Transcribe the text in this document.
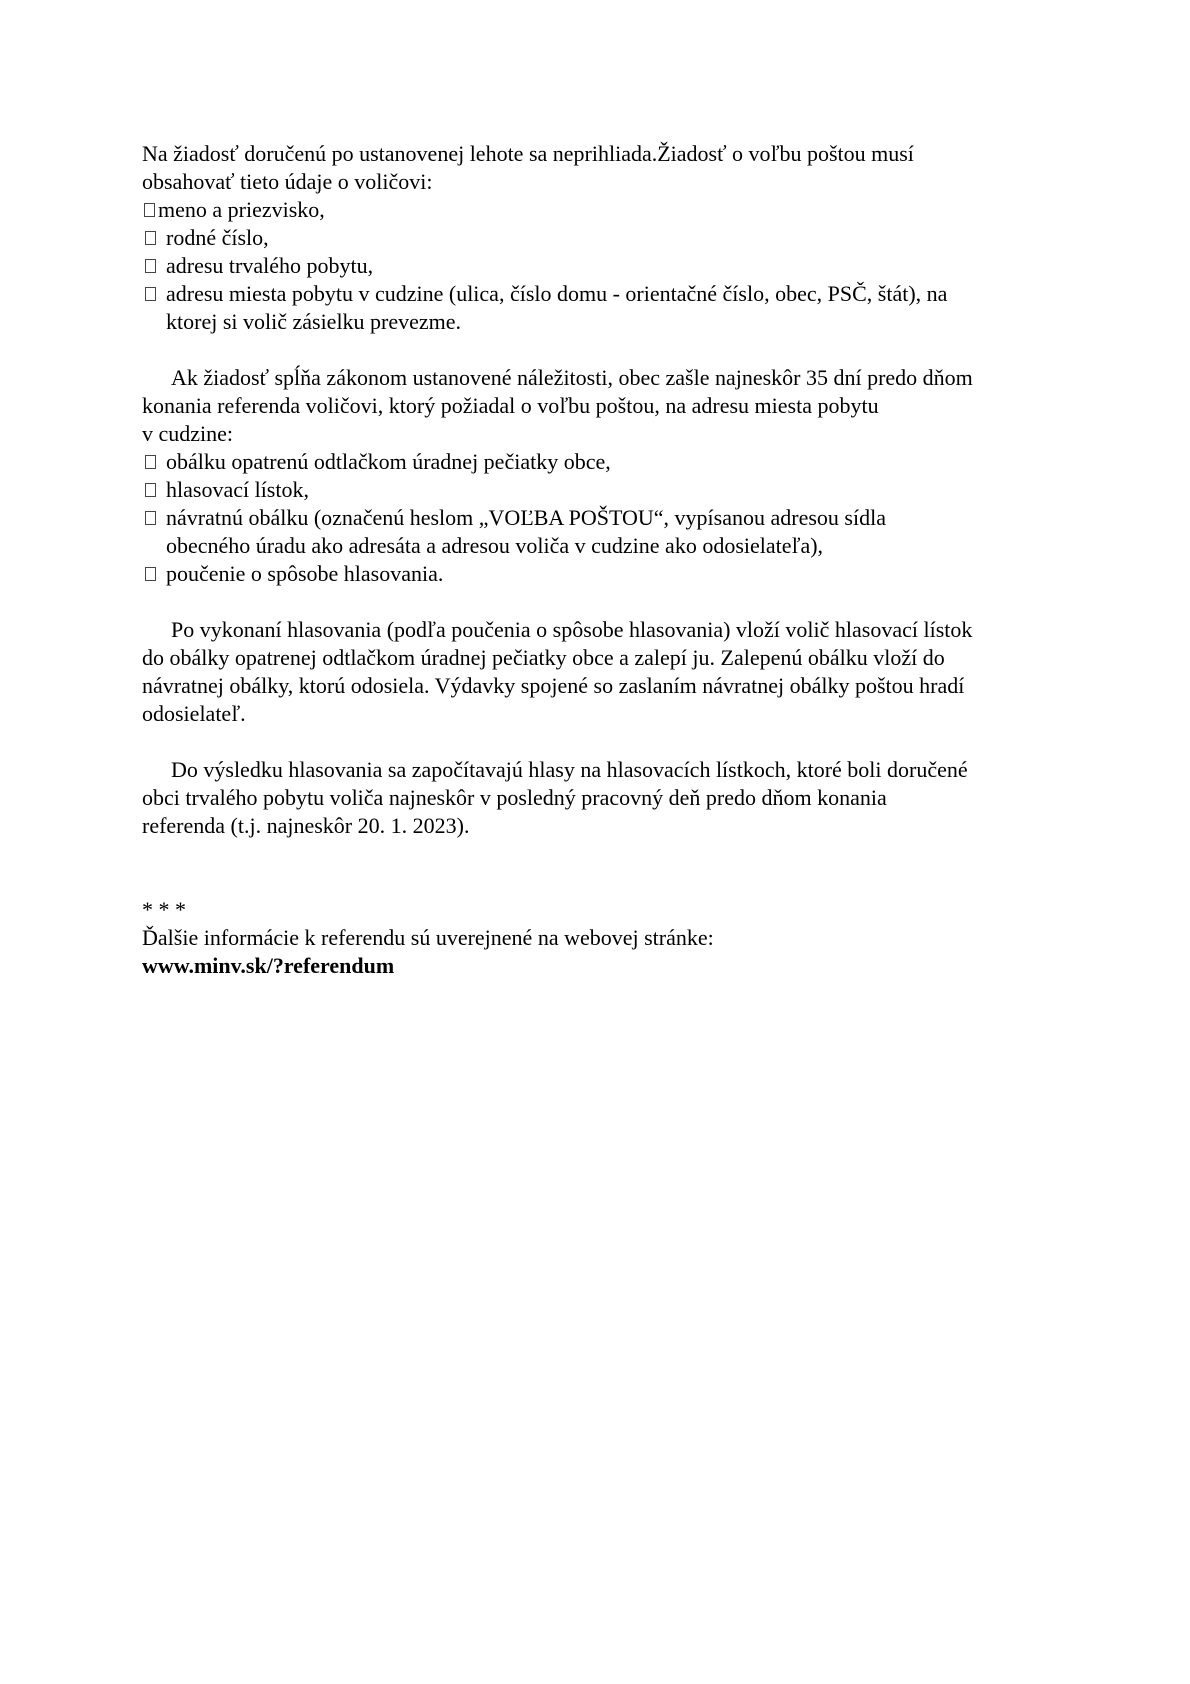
Na žiadosť doručenú po ustanovenej lehote sa neprihliada.Žiadosť o voľbu poštou musí
obsahovať tieto údaje o voličovi:
meno a priezvisko,
rodné číslo,
adresu trvalého pobytu,
adresu miesta pobytu v cudzine (ulica, číslo domu - orientačné číslo, obec, PSČ, štát), na
ktorej si volič zásielku prevezme.
Ak žiadosť spĺňa zákonom ustanovené náležitosti, obec zašle najneskôr 35 dní predo dňom
konania referenda voličovi, ktorý požiadal o voľbu poštou, na adresu miesta pobytu
v cudzine:
obálku opatrenú odtlačkom úradnej pečiatky obce,
hlasovací lístok,
návratnú obálku (označenú heslom „VOĽBA POŠTOU“, vypísanou adresou sídla
obecného úradu ako adresáta a adresou voliča v cudzine ako odosielateľa),
poučenie o spôsobe hlasovania.
Po vykonaní hlasovania (podľa poučenia o spôsobe hlasovania) vloží volič hlasovací lístok
do obálky opatrenej odtlačkom úradnej pečiatky obce a zalepí ju. Zalepenú obálku vloží do
návratnej obálky, ktorú odosiela. Výdavky spojené so zaslaním návratnej obálky poštou hradí
odosielateľ.
Do výsledku hlasovania sa započítavajú hlasy na hlasovacích lístkoch, ktoré boli doručené
obci trvalého pobytu voliča najneskôr v posledný pracovný deň predo dňom konania
referenda (t.j. najneskôr 20. 1. 2023).
* * *
Ďalšie informácie k referendu sú uverejnené na webovej stránke:
www.minv.sk/?referendum
